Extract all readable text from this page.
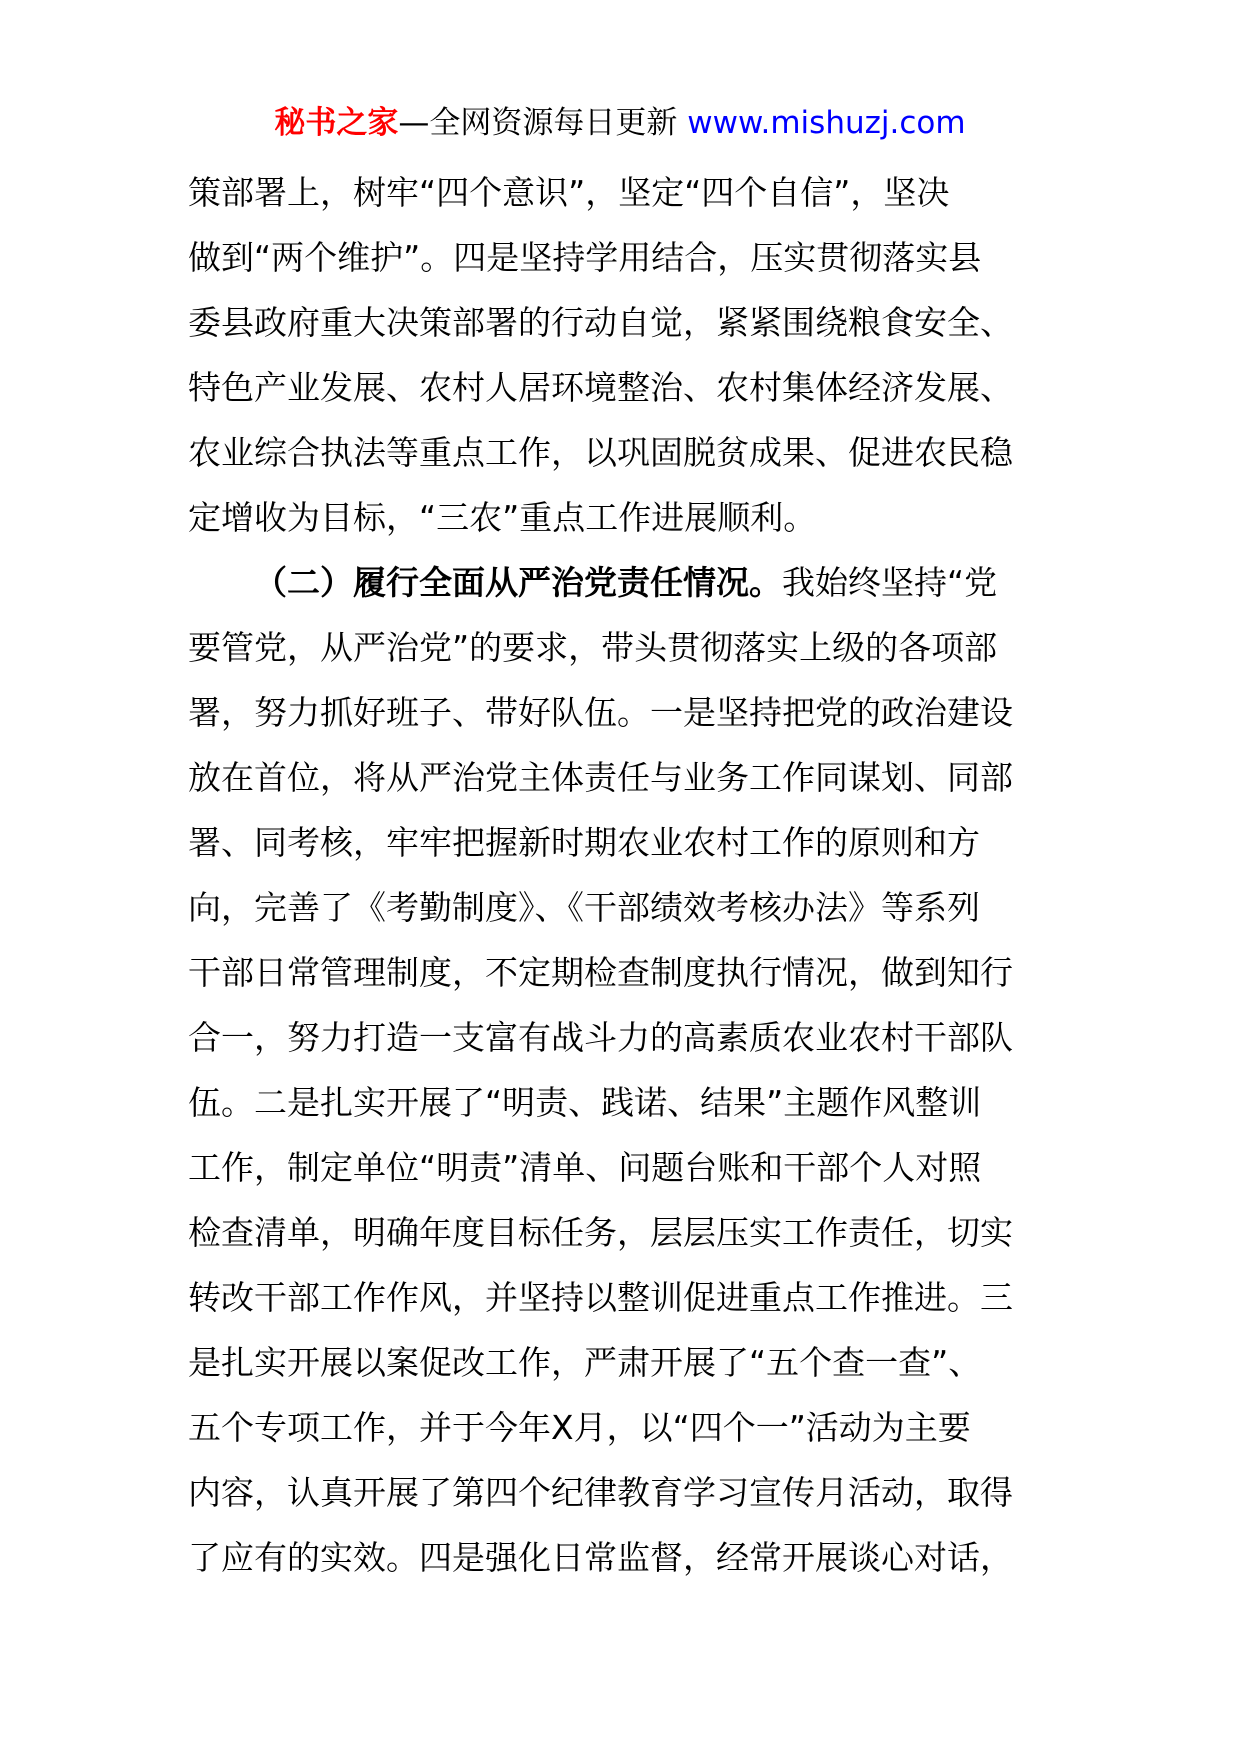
秘书之家—全网资源每日更新 www.mishuzj.com
策部署上，树牢“四个意识”，坚定“四个自信”，坚决
做到“两个维护”。四是坚持学用结合，压实贯彻落实县
委县政府重大决策部署的行动自觉，紧紧围绕粮食安全、
特色产业发展、农村人居环境整治、农村集体经济发展、
农业综合执法等重点工作，以巩固脱贫成果、促进农民稳
定增收为目标，“三农”重点工作进展顺利。
（二）履行全面从严治党责任情况。我始终坚持“党
要管党，从严治党”的要求，带头贯彻落实上级的各项部
署，努力抓好班子、带好队伍。一是坚持把党的政治建设
放在首位，将从严治党主体责任与业务工作同谋划、同部
署、同考核，牢牢把握新时期农业农村工作的原则和方
向，完善了《考勤制度》、《干部绩效考核办法》等系列
干部日常管理制度，不定期检查制度执行情况，做到知行
合一，努力打造一支富有战斗力的高素质农业农村干部队
伍。二是扎实开展了“明责、践诺、结果”主题作风整训
工作，制定单位“明责”清单、问题台账和干部个人对照
检查清单，明确年度目标任务，层层压实工作责任，切实
转改干部工作作风，并坚持以整训促进重点工作推进。三
是扎实开展以案促改工作，严肃开展了“五个查一查”、
五个专项工作，并于今年X月，以“四个一”活动为主要
内容，认真开展了第四个纪律教育学习宣传月活动，取得
了应有的实效。四是强化日常监督，经常开展谈心对话，
